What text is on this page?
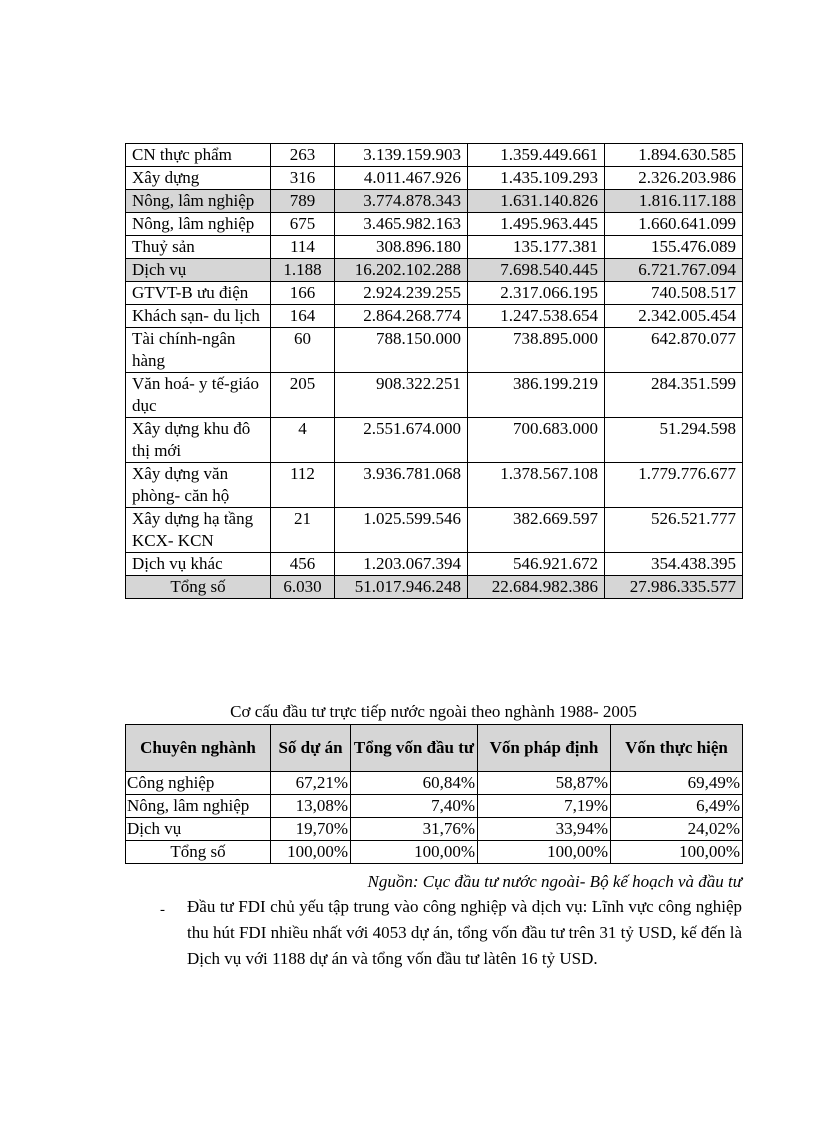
CN thực phẩm	263	3.139.159.903	1.359.449.661	1.894.630.585
Xây dựng	316	4.011.467.926	1.435.109.293	2.326.203.986
Nông, lâm nghiệp	789	3.774.878.343	1.631.140.826	1.816.117.188
Nông, lâm nghiệp	675	3.465.982.163	1.495.963.445	1.660.641.099
Thuỷ sản	114	308.896.180	135.177.381	155.476.089
Dịch vụ	1.188	16.202.102.288	7.698.540.445	6.721.767.094
GTVT-B ưu điện	166	2.924.239.255	2.317.066.195	740.508.517
Khách sạn- du lịch	164	2.864.268.774	1.247.538.654	2.342.005.454
Tài chính-ngân hàng	60	788.150.000	738.895.000	642.870.077
Văn hoá- y tế-giáo dục	205	908.322.251	386.199.219	284.351.599
Xây dựng khu đô thị mới	4	2.551.674.000	700.683.000	51.294.598
Xây dựng văn phòng- căn hộ	112	3.936.781.068	1.378.567.108	1.779.776.677
Xây dựng hạ tầng KCX- KCN	21	1.025.599.546	382.669.597	526.521.777
Dịch vụ khác	456	1.203.067.394	546.921.672	354.438.395
Tổng số	6.030	51.017.946.248	22.684.982.386	27.986.335.577
Cơ cấu đầu tư trực tiếp nước ngoài theo nghành 1988- 2005
Chuyên nghành	Số dự án	Tổng vốn đầu tư	Vốn pháp định	Vốn thực hiện
Công nghiệp	67,21%	60,84%	58,87%	69,49%
Nông, lâm nghiệp	13,08%	7,40%	7,19%	6,49%
Dịch vụ	19,70%	31,76%	33,94%	24,02%
Tổng số	100,00%	100,00%	100,00%	100,00%
Nguồn: Cục đầu tư nước ngoài- Bộ kế hoạch và đầu tư
- Đầu tư FDI chủ yếu tập trung vào công nghiệp và dịch vụ: Lĩnh vực công nghiệp thu hút FDI nhiều nhất với 4053 dự án, tổng vốn đầu tư trên 31 tỷ USD, kế đến là Dịch vụ với 1188 dự án và tổng vốn đầu tư làtên 16 tỷ USD.
